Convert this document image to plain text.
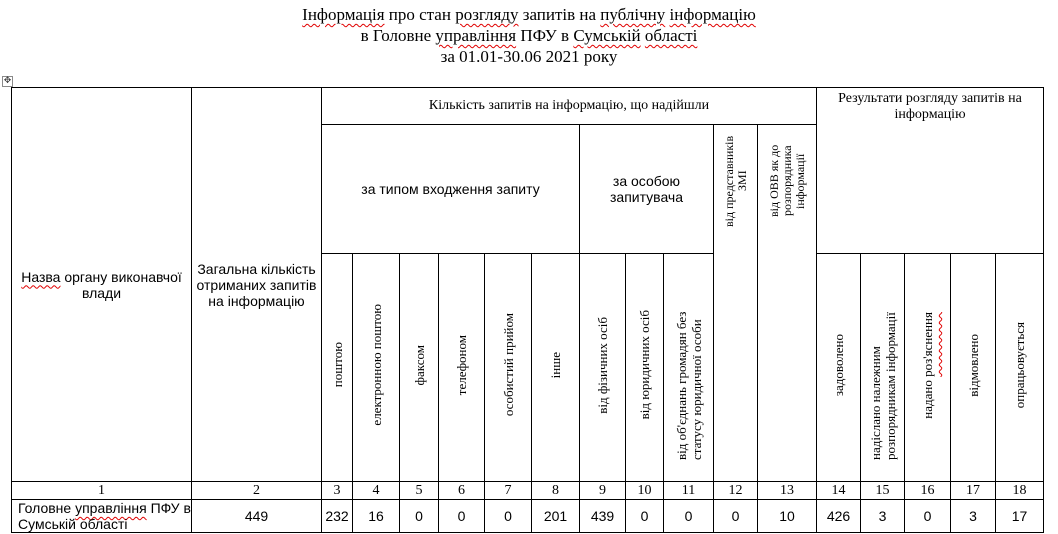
Інформація про стан розгляду запитів на публічну інформацію
в Головне управління ПФУ в Сумській області
за 01.01-30.06 2021 року
✥
Назва органу виконавчої влади	Загальна кількість отриманих запитів на інформацію	Кількість запитів на інформацію, що надійшли											Результати розгляду запитів на інформацію				
		за типом входження запиту						за особою запитувача			від представників ЗМІ	від ОВВ як до розпорядника інформації					
		поштою	електронною поштою	факсом	телефоном	особистий прийом	інше	від фізичних осіб	від юридичних осіб	від об'єднань громадян без статусу юридичної особи			задоволено	надіслано належним розпорядникам інформації	надано роз'яснення	відмовлено	опрацьовується
1	2	3	4	5	6	7	8	9	10	11	12	13	14	15	16	17	18
Головне управління ПФУ в
Сумській області	449	232	16	0	0	0	201	439	0	0	0	10	426	3	0	3	17
